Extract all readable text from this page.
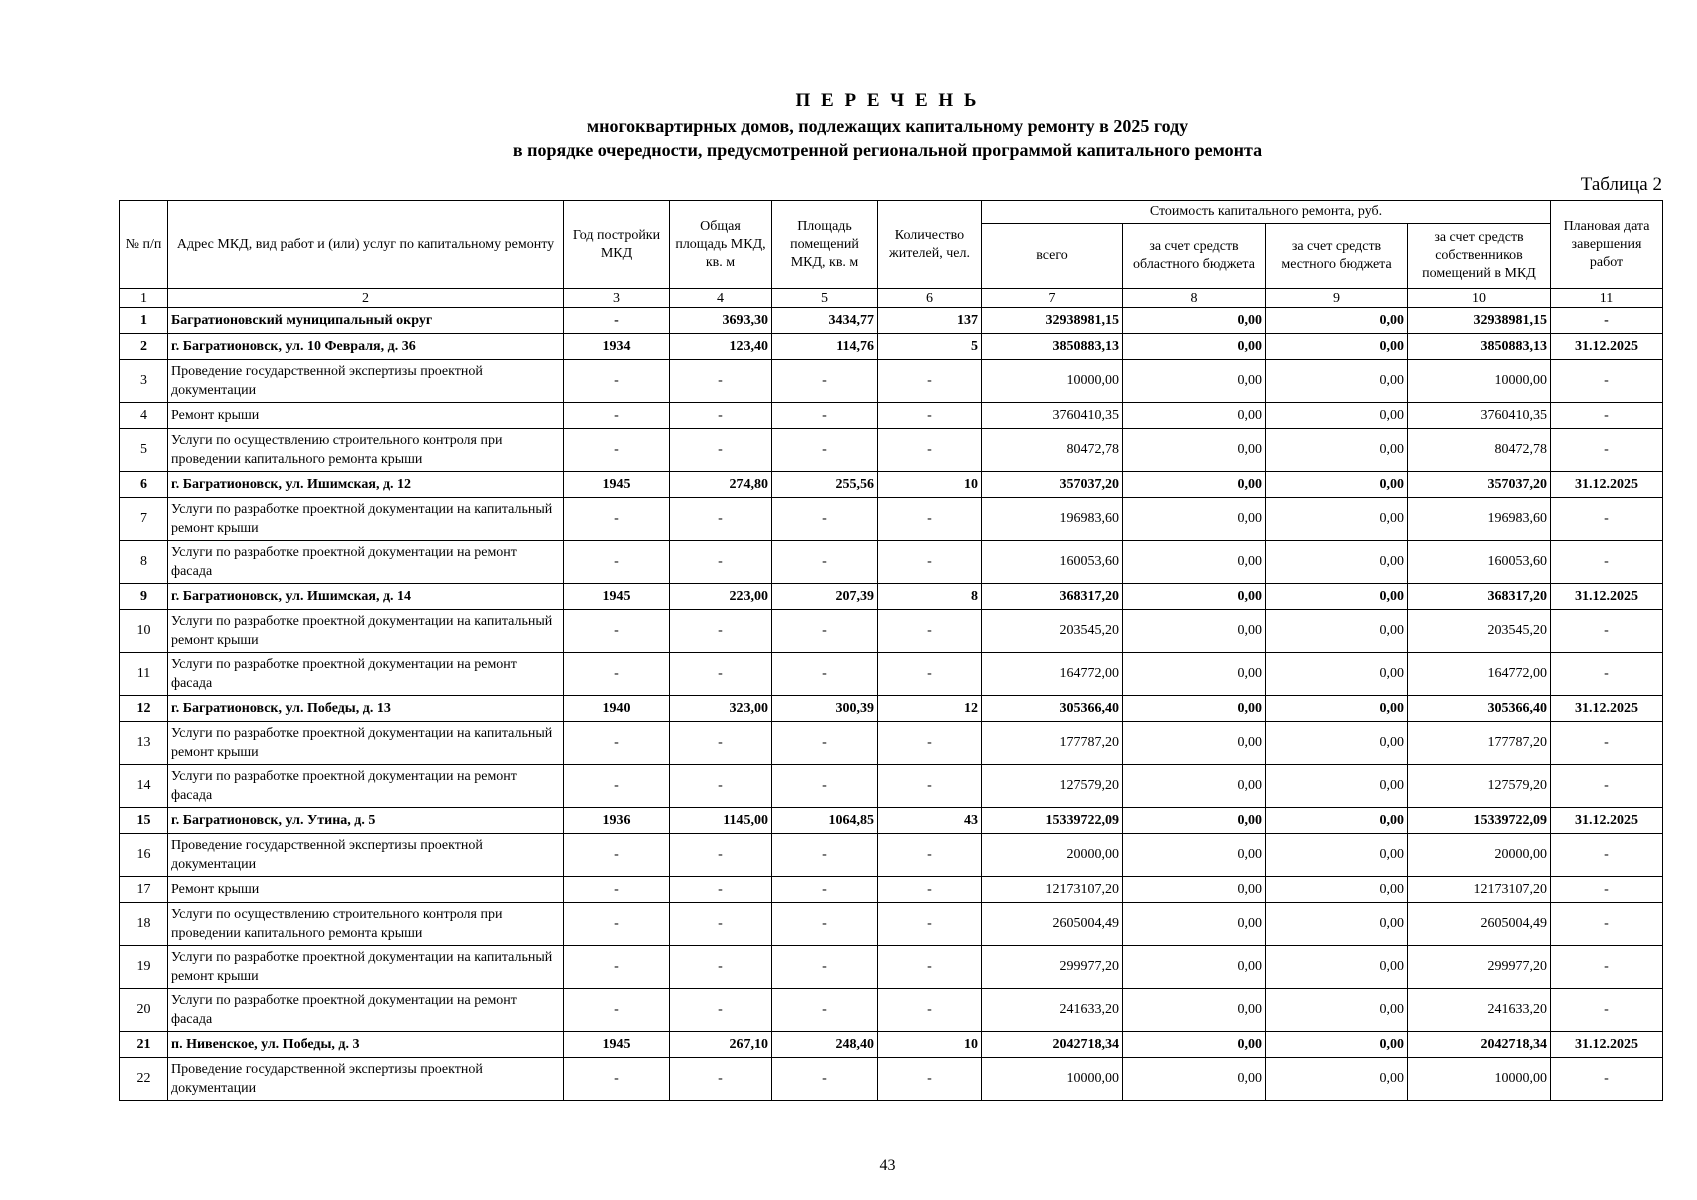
П Е Р Е Ч Е Н Ь
многоквартирных домов, подлежащих капитальному ремонту в 2025 году
в порядке очередности, предусмотренной региональной программой капитального ремонта
Таблица 2
№ п/п	Адрес МКД, вид работ и (или) услуг по капитальному ремонту	Год постройки МКД	Общая площадь МКД, кв. м	Площадь помещений МКД, кв. м	Количество жителей, чел.	Стоимость капитального ремонта, руб.				Плановая дата завершения работ
						всего	за счет средств областного бюджета	за счет средств местного бюджета	за счет средств собственников помещений в МКД	
1	2	3	4	5	6	7	8	9	10	11
1	Багратионовский муниципальный округ	-	3693,30	3434,77	137	32938981,15	0,00	0,00	32938981,15	-
2	г. Багратионовск, ул. 10 Февраля, д. 36	1934	123,40	114,76	5	3850883,13	0,00	0,00	3850883,13	31.12.2025
3	Проведение государственной экспертизы проектной документации	-	-	-	-	10000,00	0,00	0,00	10000,00	-
4	Ремонт крыши	-	-	-	-	3760410,35	0,00	0,00	3760410,35	-
5	Услуги по осуществлению строительного контроля при проведении капитального ремонта крыши	-	-	-	-	80472,78	0,00	0,00	80472,78	-
6	г. Багратионовск, ул. Ишимская, д. 12	1945	274,80	255,56	10	357037,20	0,00	0,00	357037,20	31.12.2025
7	Услуги по разработке проектной документации на капитальный ремонт крыши	-	-	-	-	196983,60	0,00	0,00	196983,60	-
8	Услуги по разработке проектной документации на ремонт фасада	-	-	-	-	160053,60	0,00	0,00	160053,60	-
9	г. Багратионовск, ул. Ишимская, д. 14	1945	223,00	207,39	8	368317,20	0,00	0,00	368317,20	31.12.2025
10	Услуги по разработке проектной документации на капитальный ремонт крыши	-	-	-	-	203545,20	0,00	0,00	203545,20	-
11	Услуги по разработке проектной документации на ремонт фасада	-	-	-	-	164772,00	0,00	0,00	164772,00	-
12	г. Багратионовск, ул. Победы, д. 13	1940	323,00	300,39	12	305366,40	0,00	0,00	305366,40	31.12.2025
13	Услуги по разработке проектной документации на капитальный ремонт крыши	-	-	-	-	177787,20	0,00	0,00	177787,20	-
14	Услуги по разработке проектной документации на ремонт фасада	-	-	-	-	127579,20	0,00	0,00	127579,20	-
15	г. Багратионовск, ул. Утина, д. 5	1936	1145,00	1064,85	43	15339722,09	0,00	0,00	15339722,09	31.12.2025
16	Проведение государственной экспертизы проектной документации	-	-	-	-	20000,00	0,00	0,00	20000,00	-
17	Ремонт крыши	-	-	-	-	12173107,20	0,00	0,00	12173107,20	-
18	Услуги по осуществлению строительного контроля при проведении капитального ремонта крыши	-	-	-	-	2605004,49	0,00	0,00	2605004,49	-
19	Услуги по разработке проектной документации на капитальный ремонт крыши	-	-	-	-	299977,20	0,00	0,00	299977,20	-
20	Услуги по разработке проектной документации на ремонт фасада	-	-	-	-	241633,20	0,00	0,00	241633,20	-
21	п. Нивенское, ул. Победы, д. 3	1945	267,10	248,40	10	2042718,34	0,00	0,00	2042718,34	31.12.2025
22	Проведение государственной экспертизы проектной документации	-	-	-	-	10000,00	0,00	0,00	10000,00	-
43
